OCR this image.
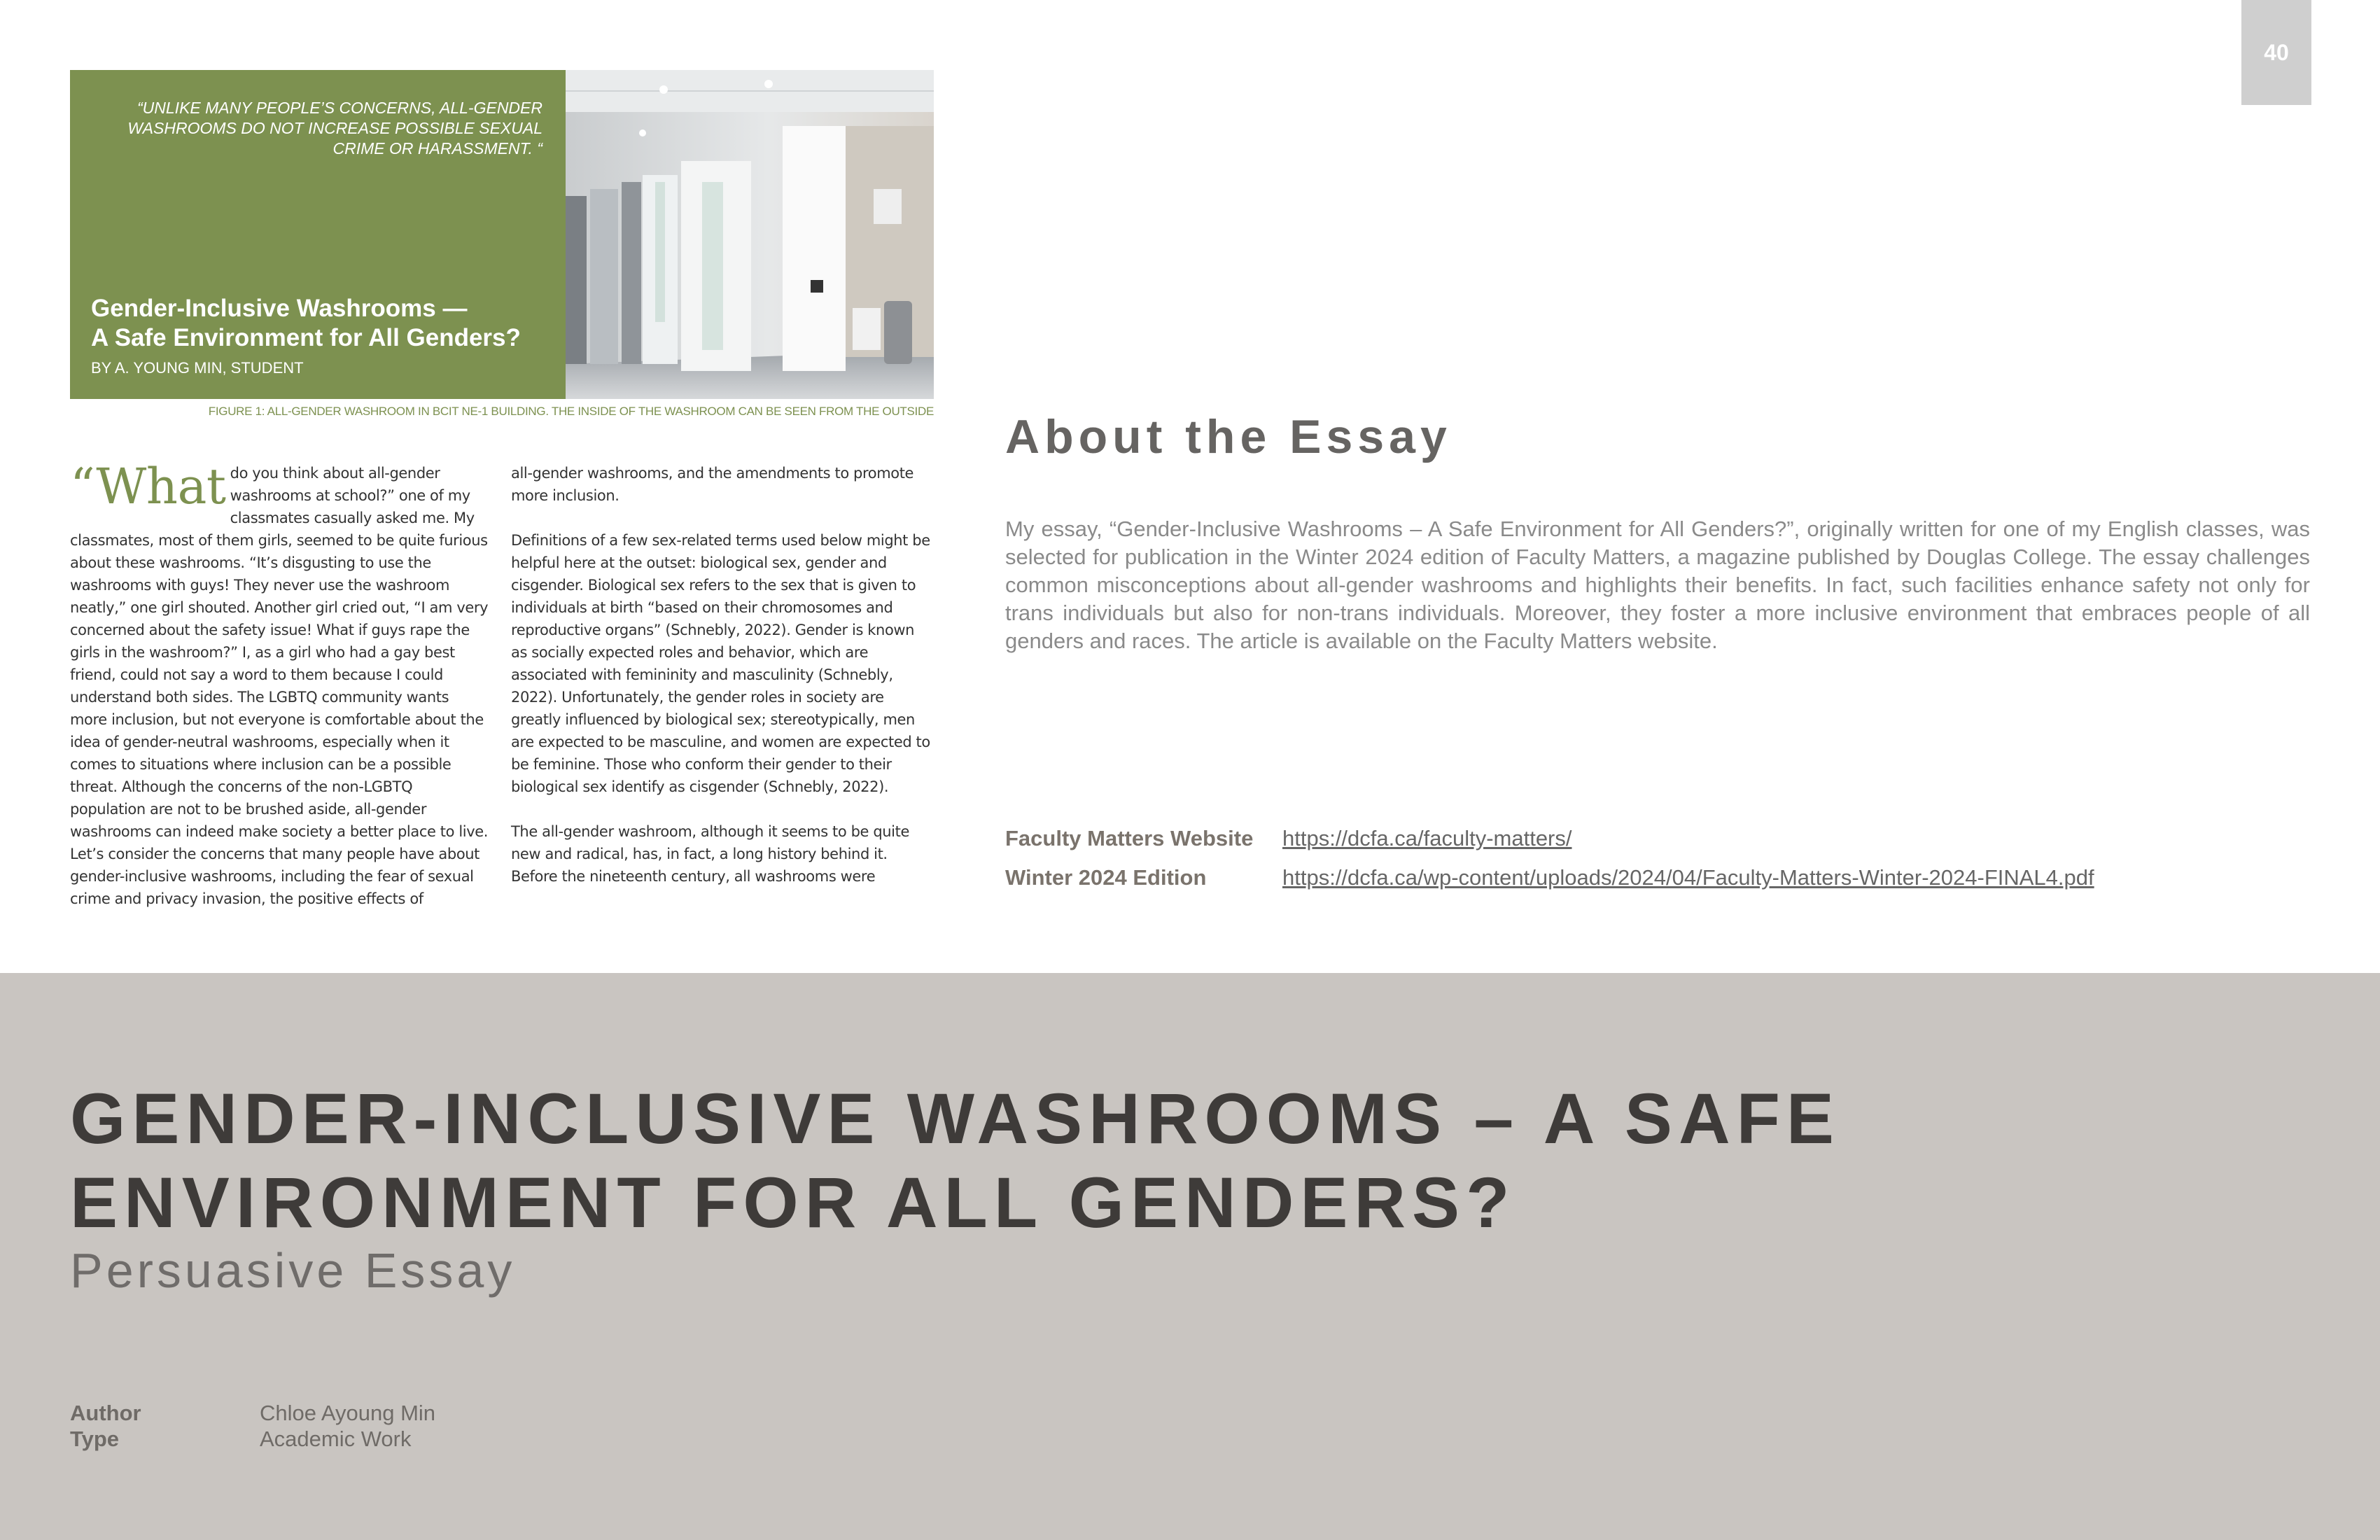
40
“UNLIKE MANY PEOPLE’S CONCERNS, ALL-GENDER WASHROOMS DO NOT INCREASE POSSIBLE SEXUAL CRIME OR HARASSMENT. “
Gender-Inclusive Washrooms —
A Safe Environment for All Genders?
BY A. YOUNG MIN, STUDENT
FIGURE 1: ALL-GENDER WASHROOM IN BCIT NE-1 BUILDING. THE INSIDE OF THE WASHROOM CAN BE SEEN FROM THE OUTSIDE

“What do you think about all-gender washrooms at school?” one of my classmates casually asked me. My classmates, most of them girls, seemed to be quite furious about these washrooms. “It’s disgusting to use the washrooms with guys! They never use the washroom neatly,” one girl shouted. Another girl cried out, “I am very concerned about the safety issue! What if guys rape the girls in the washroom?” I, as a girl who had a gay best friend, could not say a word to them because I could understand both sides. The LGBTQ community wants more inclusion, but not everyone is comfortable about the idea of gender-neutral washrooms, especially when it comes to situations where inclusion can be a possible threat. Although the concerns of the non-LGBTQ population are not to be brushed aside, all-gender washrooms can indeed make society a better place to live. Let’s consider the concerns that many people have about gender-inclusive washrooms, including the fear of sexual crime and privacy invasion, the positive effects of

all-gender washrooms, and the amendments to promote more inclusion.

Definitions of a few sex-related terms used below might be helpful here at the outset: biological sex, gender and cisgender. Biological sex refers to the sex that is given to individuals at birth “based on their chromosomes and reproductive organs” (Schnebly, 2022). Gender is known as socially expected roles and behavior, which are associated with femininity and masculinity (Schnebly, 2022). Unfortunately, the gender roles in society are greatly influenced by biological sex; stereotypically, men are expected to be masculine, and women are expected to be feminine. Those who conform their gender to their biological sex identify as cisgender (Schnebly, 2022).

The all-gender washroom, although it seems to be quite new and radical, has, in fact, a long history behind it. Before the nineteenth century, all washrooms were

About the Essay
My essay, “Gender-Inclusive Washrooms – A Safe Environment for All Genders?”, originally written for one of my English classes, was selected for publication in the Winter 2024 edition of Faculty Matters, a magazine published by Douglas College. The essay challenges common misconceptions about all-gender washrooms and highlights their benefits. In fact, such facilities enhance safety not only for trans individuals but also for non-trans individuals. Moreover, they foster a more inclusive environment that embraces people of all genders and races. The article is available on the Faculty Matters website.
Faculty Matters Website	https://dcfa.ca/faculty-matters/
Winter 2024 Edition	https://dcfa.ca/wp-content/uploads/2024/04/Faculty-Matters-Winter-2024-FINAL4.pdf
GENDER-INCLUSIVE WASHROOMS – A SAFE
ENVIRONMENT FOR ALL GENDERS?
Persuasive Essay
Author	Chloe Ayoung Min
Type	Academic Work
